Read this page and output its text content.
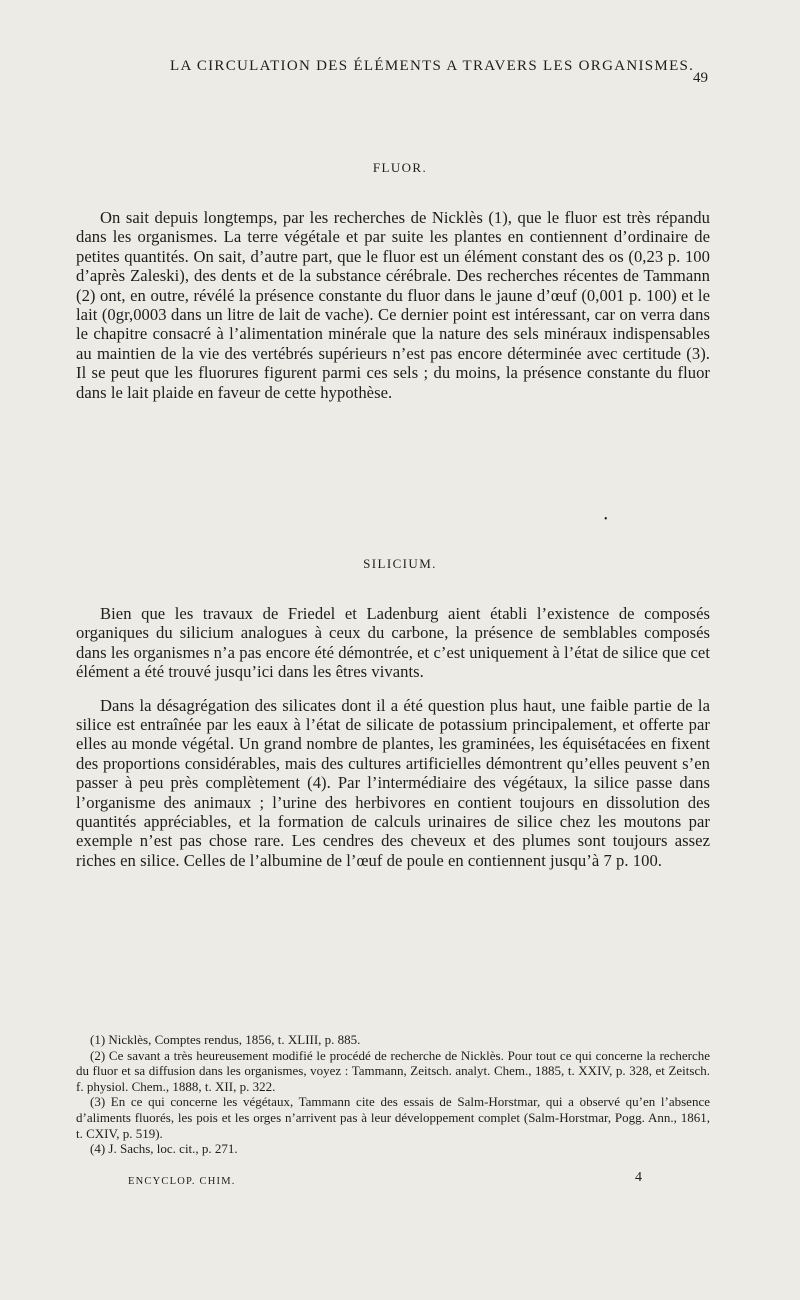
LA CIRCULATION DES ÉLÉMENTS A TRAVERS LES ORGANISMES.
49
FLUOR.
On sait depuis longtemps, par les recherches de Nicklès (1), que le fluor est très répandu dans les organismes. La terre végétale et par suite les plantes en contiennent d’ordinaire de petites quantités. On sait, d’autre part, que le fluor est un élément constant des os (0,23 p. 100 d’après Zaleski), des dents et de la substance cérébrale. Des recherches récentes de Tammann (2) ont, en outre, révélé la présence constante du fluor dans le jaune d’œuf (0,001 p. 100) et le lait (0gr,0003 dans un litre de lait de vache). Ce dernier point est intéressant, car on verra dans le chapitre consacré à l’alimentation minérale que la nature des sels minéraux indispensables au maintien de la vie des vertébrés supérieurs n’est pas encore déterminée avec certitude (3). Il se peut que les fluorures figurent parmi ces sels ; du moins, la présence constante du fluor dans le lait plaide en faveur de cette hypothèse.
•
SILICIUM.
Bien que les travaux de Friedel et Ladenburg aient établi l’existence de composés organiques du silicium analogues à ceux du carbone, la présence de semblables composés dans les organismes n’a pas encore été démontrée, et c’est uniquement à l’état de silice que cet élément a été trouvé jusqu’ici dans les êtres vivants.
Dans la désagrégation des silicates dont il a été question plus haut, une faible partie de la silice est entraînée par les eaux à l’état de silicate de potassium principalement, et offerte par elles au monde végétal. Un grand nombre de plantes, les graminées, les équisétacées en fixent des proportions considérables, mais des cultures artificielles démontrent qu’elles peuvent s’en passer à peu près complètement (4). Par l’intermédiaire des végétaux, la silice passe dans l’organisme des animaux ; l’urine des herbivores en contient toujours en dissolution des quantités appréciables, et la formation de calculs urinaires de silice chez les moutons par exemple n’est pas chose rare. Les cendres des cheveux et des plumes sont toujours assez riches en silice. Celles de l’albumine de l’œuf de poule en contiennent jusqu’à 7 p. 100.
(1) Nicklès, Comptes rendus, 1856, t. XLIII, p. 885.
(2) Ce savant a très heureusement modifié le procédé de recherche de Nicklès. Pour tout ce qui concerne la recherche du fluor et sa diffusion dans les organismes, voyez : Tammann, Zeitsch. analyt. Chem., 1885, t. XXIV, p. 328, et Zeitsch. f. physiol. Chem., 1888, t. XII, p. 322.
(3) En ce qui concerne les végétaux, Tammann cite des essais de Salm-Horstmar, qui a observé qu’en l’absence d’aliments fluorés, les pois et les orges n’arrivent pas à leur développement complet (Salm-Horstmar, Pogg. Ann., 1861, t. CXIV, p. 519).
(4) J. Sachs, loc. cit., p. 271.
ENCYCLOP. CHIM.	4
